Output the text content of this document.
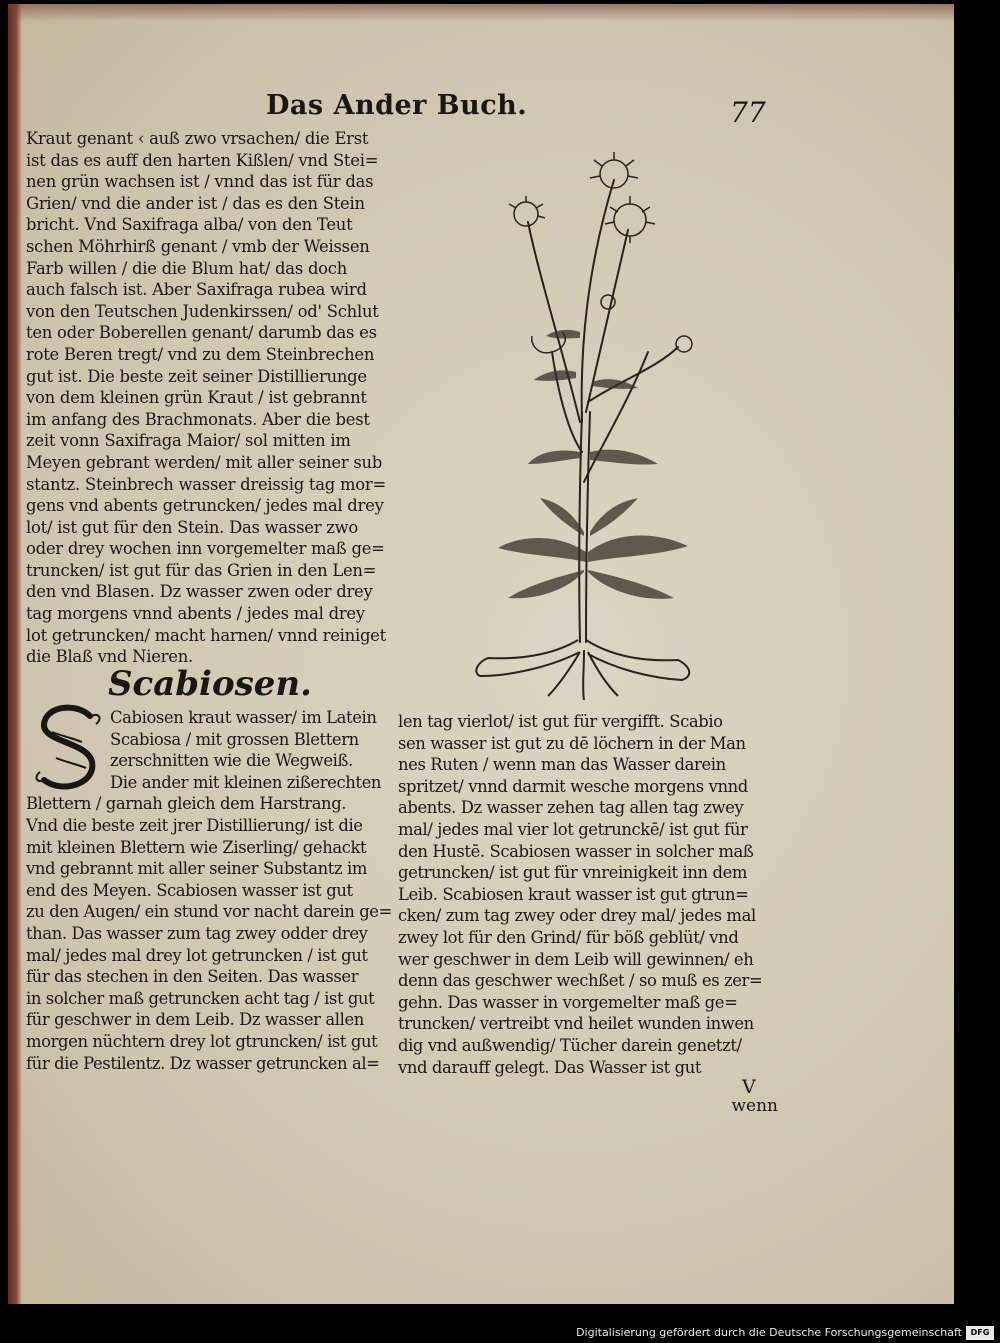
Das Ander Buch.	77
Kraut genant ‹ auß zwo vrsachen/ die Erst
ist das es auff den harten Kißlen/ vnd Stei=
nen grün wachsen ist / vnnd das ist für das
Grien/ vnd die ander ist / das es den Stein
bricht. Vnd Saxifraga alba/ von den Teut
schen Möhrhirß genant / vmb der Weissen
Farb willen / die die Blum hat/ das doch
auch falsch ist. Aber Saxifraga rubea wird
von den Teutschen Judenkirssen/ od' Schlut
ten oder Boberellen genant/ darumb das es
rote Beren tregt/ vnd zu dem Steinbrechen
gut ist. Die beste zeit seiner Distillierunge
von dem kleinen grün Kraut / ist gebrannt
im anfang des Brachmonats. Aber die best
zeit vonn Saxifraga Maior/ sol mitten im
Meyen gebrant werden/ mit aller seiner sub
stantz. Steinbrech wasser dreissig tag mor=
gens vnd abents getruncken/ jedes mal drey
lot/ ist gut für den Stein. Das wasser zwo
oder drey wochen inn vorgemelter maß ge=
truncken/ ist gut für das Grien in den Len=
den vnd Blasen. Dz wasser zwen oder drey
tag morgens vnnd abents / jedes mal drey
lot getruncken/ macht harnen/ vnnd reiniget
die Blaß vnd Nieren.
Scabiosen.
Cabiosen kraut wasser/ im Latein
Scabiosa / mit grossen Blettern
zerschnitten wie die Wegweiß.
Die ander mit kleinen zißerechten
Blettern / garnah gleich dem Harstrang.
Vnd die beste zeit jrer Distillierung/ ist die
mit kleinen Blettern wie Ziserling/ gehackt
vnd gebrannt mit aller seiner Substantz im
end des Meyen. Scabiosen wasser ist gut
zu den Augen/ ein stund vor nacht darein ge=
than. Das wasser zum tag zwey odder drey
mal/ jedes mal drey lot getruncken / ist gut
für das stechen in den Seiten. Das wasser
in solcher maß getruncken acht tag / ist gut
für geschwer in dem Leib. Dz wasser allen
morgen nüchtern drey lot gtruncken/ ist gut
für die Pestilentz. Dz wasser getruncken al=
len tag vierlot/ ist gut für vergifft. Scabio
sen wasser ist gut zu dē löchern in der Man
nes Ruten / wenn man das Wasser darein
spritzet/ vnnd darmit wesche morgens vnnd
abents. Dz wasser zehen tag allen tag zwey
mal/ jedes mal vier lot getrunckē/ ist gut für
den Hustē. Scabiosen wasser in solcher maß
getruncken/ ist gut für vnreinigkeit inn dem
Leib. Scabiosen kraut wasser ist gut gtrun=
cken/ zum tag zwey oder drey mal/ jedes mal
zwey lot für den Grind/ für böß geblüt/ vnd
wer geschwer in dem Leib will gewinnen/ eh
denn das geschwer wechßet / so muß es zer=
gehn. Das wasser in vorgemelter maß ge=
truncken/ vertreibt vnd heilet wunden inwen
dig vnd außwendig/ Tücher darein genetzt/
vnd darauff gelegt. Das Wasser ist gut
V
wenn
Digitalisierung gefördert durch die Deutsche Forschungsgemeinschaft	DFG
